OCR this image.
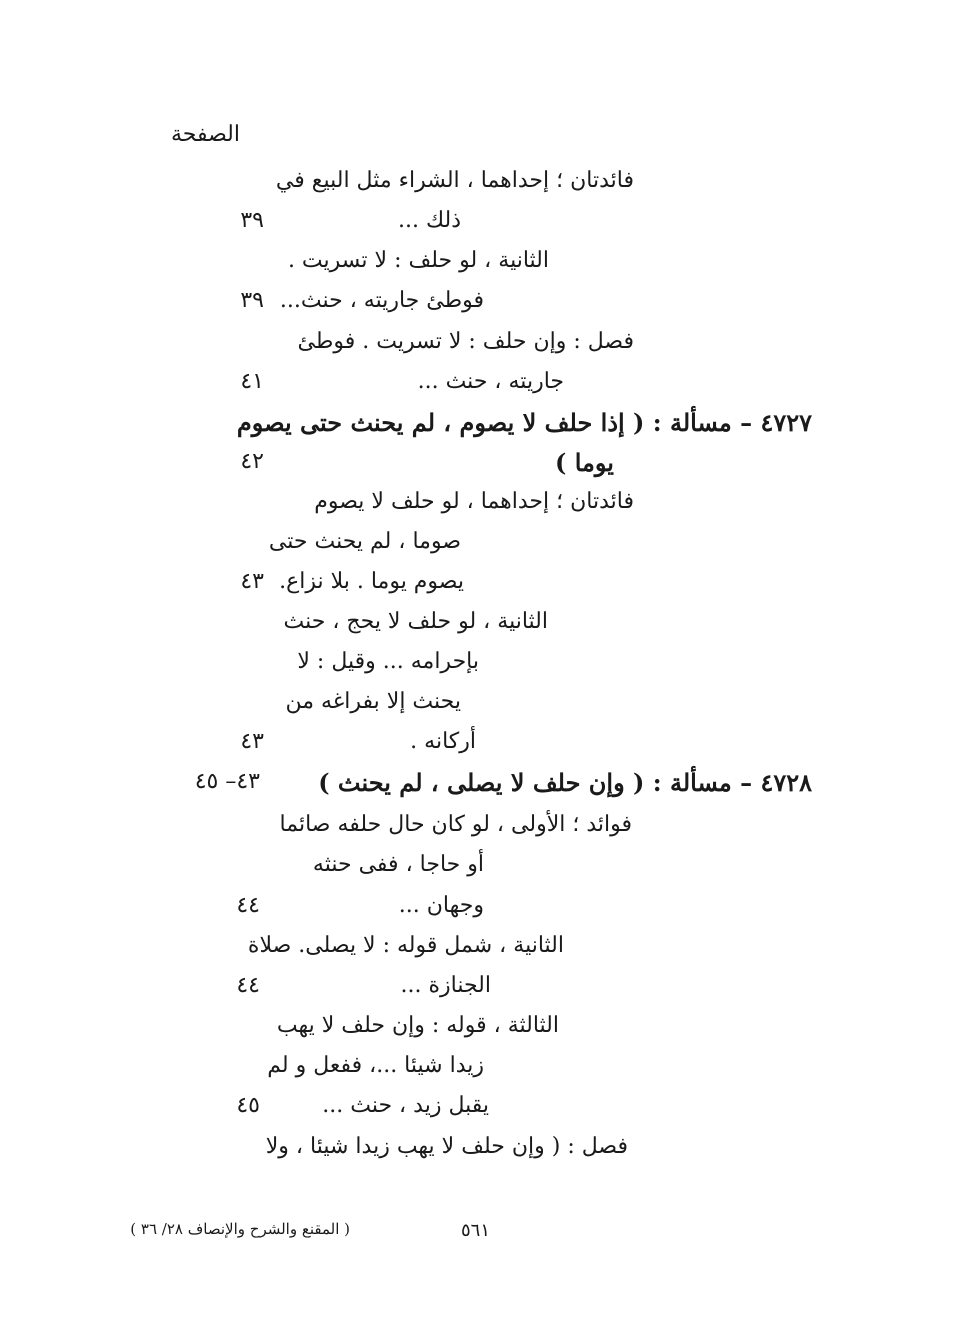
الصفحة
فائدتان ؛ إحداهما ، الشراء مثل البيع في
ذلك ...
٣٩
الثانية ، لو حلف : لا تسريت .
فوطئ جاريته ، حنث...
٣٩
فصل : وإن حلف : لا تسريت . فوطئ
جاريته ، حنث ...
٤١
٤٧٢٧ – مسألة : ( إذا حلف لا يصوم ، لم يحنث حتى يصوم
يوما )
٤٢
فائدتان ؛ إحداهما ، لو حلف لا يصوم
صوما ، لم يحنث حتى
يصوم يوما . بلا نزاع.
٤٣
الثانية ، لو حلف لا يحج ، حنث
بإحرامه ... وقيل : لا
يحنث إلا بفراغه من
أركانه .
٤٣
٤٧٢٨ – مسألة : ( وإن حلف لا يصلى ، لم يحنث )
٤٣– ٤٥
فوائد ؛ الأولى ، لو كان حال حلفه صائما
أو حاجا ، ففى حنثه
وجهان ...
٤٤
الثانية ، شمل قوله : لا يصلى. صلاة
الجنازة ...
٤٤
الثالثة ، قوله : وإن حلف لا يهب
زيدا شيئا ...، ففعل و لم
يقبل زيد ، حنث ...
٤٥
فصل : ( وإن حلف لا يهب زيدا شيئا ، ولا
٥٦١
( المقنع والشرح والإنصاف ٢٨/ ٣٦ )
